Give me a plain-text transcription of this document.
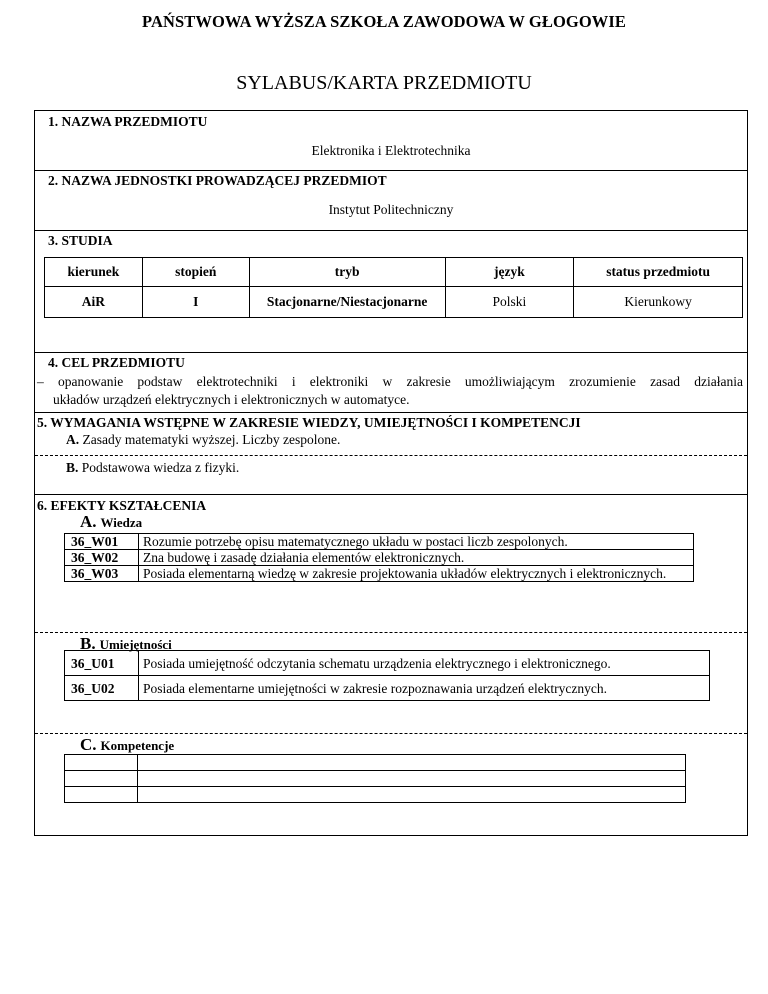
PAŃSTWOWA WYŻSZA SZKOŁA ZAWODOWA W GŁOGOWIE
SYLABUS/KARTA PRZEDMIOTU
1. NAZWA PRZEDMIOTU
Elektronika i Elektrotechnika
2. NAZWA JEDNOSTKI PROWADZĄCEJ PRZEDMIOT
Instytut Politechniczny
3. STUDIA
kierunek	stopień	tryb	język	status przedmiotu
AiR	I	Stacjonarne/Niestacjonarne	Polski	Kierunkowy
4. CEL PRZEDMIOTU
– opanowanie podstaw elektrotechniki i elektroniki w zakresie umożliwiającym zrozumienie zasad działania
układów urządzeń elektrycznych i elektronicznych w automatyce.
5. WYMAGANIA WSTĘPNE W ZAKRESIE WIEDZY, UMIEJĘTNOŚCI I KOMPETENCJI
A. Zasady matematyki wyższej. Liczby zespolone.
B. Podstawowa wiedza z fizyki.
6. EFEKTY KSZTAŁCENIA
A. Wiedza
36_W01	Rozumie potrzebę opisu matematycznego układu w postaci liczb zespolonych.
36_W02	Zna budowę i zasadę działania elementów elektronicznych.
36_W03	Posiada elementarną wiedzę w zakresie projektowania układów elektrycznych i elektronicznych.
B. Umiejętności
36_U01	Posiada umiejętność odczytania schematu urządzenia elektrycznego i elektronicznego.
36_U02	Posiada elementarne umiejętności w zakresie rozpoznawania urządzeń elektrycznych.
C. Kompetencje
